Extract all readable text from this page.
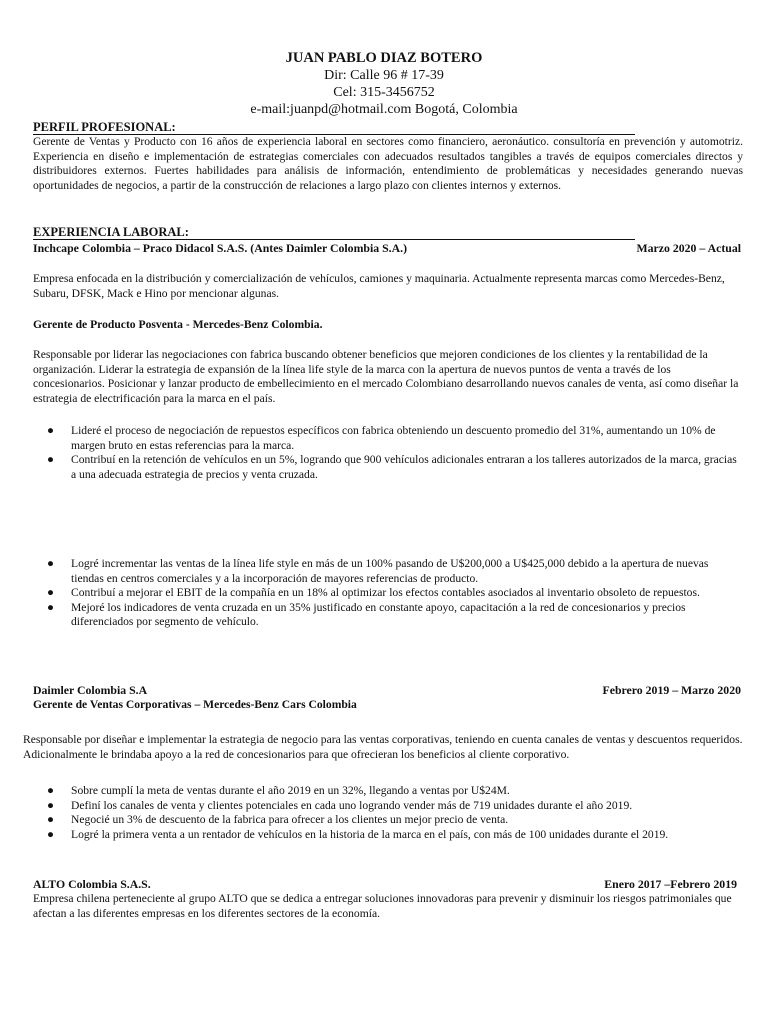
JUAN PABLO DIAZ BOTERO
Dir: Calle 96 # 17-39
Cel: 315-3456752
e-mail:juanpd@hotmail.com Bogotá, Colombia
PERFIL PROFESIONAL:
Gerente de Ventas y Producto con 16 años de experiencia laboral en sectores como financiero, aeronáutico. consultoría en prevención y automotriz. Experiencia en diseño e implementación de estrategias comerciales con adecuados resultados tangibles a través de equipos comerciales directos y distribuidores externos. Fuertes habilidades para análisis de información, entendimiento de problemáticas y necesidades generando nuevas oportunidades de negocios, a partir de la construcción de relaciones a largo plazo con clientes internos y externos.
EXPERIENCIA LABORAL:
Inchcape Colombia – Praco Didacol S.A.S. (Antes Daimler Colombia S.A.)	Marzo 2020 – Actual
Empresa enfocada en la distribución y comercialización de vehículos, camiones y maquinaria. Actualmente representa marcas como Mercedes-Benz, Subaru, DFSK, Mack e Hino por mencionar algunas.
Gerente de Producto Posventa - Mercedes-Benz Colombia.
Responsable por liderar las negociaciones con fabrica buscando obtener beneficios que mejoren condiciones de los clientes y la rentabilidad de la organización. Liderar la estrategia de expansión de la línea life style de la marca con la apertura de nuevos puntos de venta a través de los concesionarios. Posicionar y lanzar producto de embellecimiento en el mercado Colombiano desarrollando nuevos canales de venta, así como diseñar la estrategia de electrificación para la marca en el país.
● Lideré el proceso de negociación de repuestos específicos con fabrica obteniendo un descuento promedio del 31%, aumentando un 10% de margen bruto en estas referencias para la marca.
● Contribuí en la retención de vehículos en un 5%, logrando que 900 vehículos adicionales entraran a los talleres autorizados de la marca, gracias a una adecuada estrategia de precios y venta cruzada.
● Logré incrementar las ventas de la línea life style en más de un 100% pasando de U$200,000 a U$425,000 debido a la apertura de nuevas tiendas en centros comerciales y a la incorporación de mayores referencias de producto.
● Contribuí a mejorar el EBIT de la compañía en un 18% al optimizar los efectos contables asociados al inventario obsoleto de repuestos.
● Mejoré los indicadores de venta cruzada en un 35% justificado en constante apoyo, capacitación a la red de concesionarios y precios diferenciados por segmento de vehículo.
Daimler Colombia S.A	Febrero 2019 – Marzo 2020
Gerente de Ventas Corporativas – Mercedes-Benz Cars Colombia
Responsable por diseñar e implementar la estrategia de negocio para las ventas corporativas, teniendo en cuenta canales de ventas y descuentos requeridos. Adicionalmente le brindaba apoyo a la red de concesionarios para que ofrecieran los beneficios al cliente corporativo.
● Sobre cumplí la meta de ventas durante el año 2019 en un 32%, llegando a ventas por U$24M.
● Definí los canales de venta y clientes potenciales en cada uno logrando vender más de 719 unidades durante el año 2019.
● Negocié un 3% de descuento de la fabrica para ofrecer a los clientes un mejor precio de venta.
● Logré la primera venta a un rentador de vehículos en la historia de la marca en el país, con más de 100 unidades durante el 2019.
ALTO Colombia S.A.S.	Enero 2017 –Febrero 2019
Empresa chilena perteneciente al grupo ALTO que se dedica a entregar soluciones innovadoras para prevenir y disminuir los riesgos patrimoniales que afectan a las diferentes empresas en los diferentes sectores de la economía.
